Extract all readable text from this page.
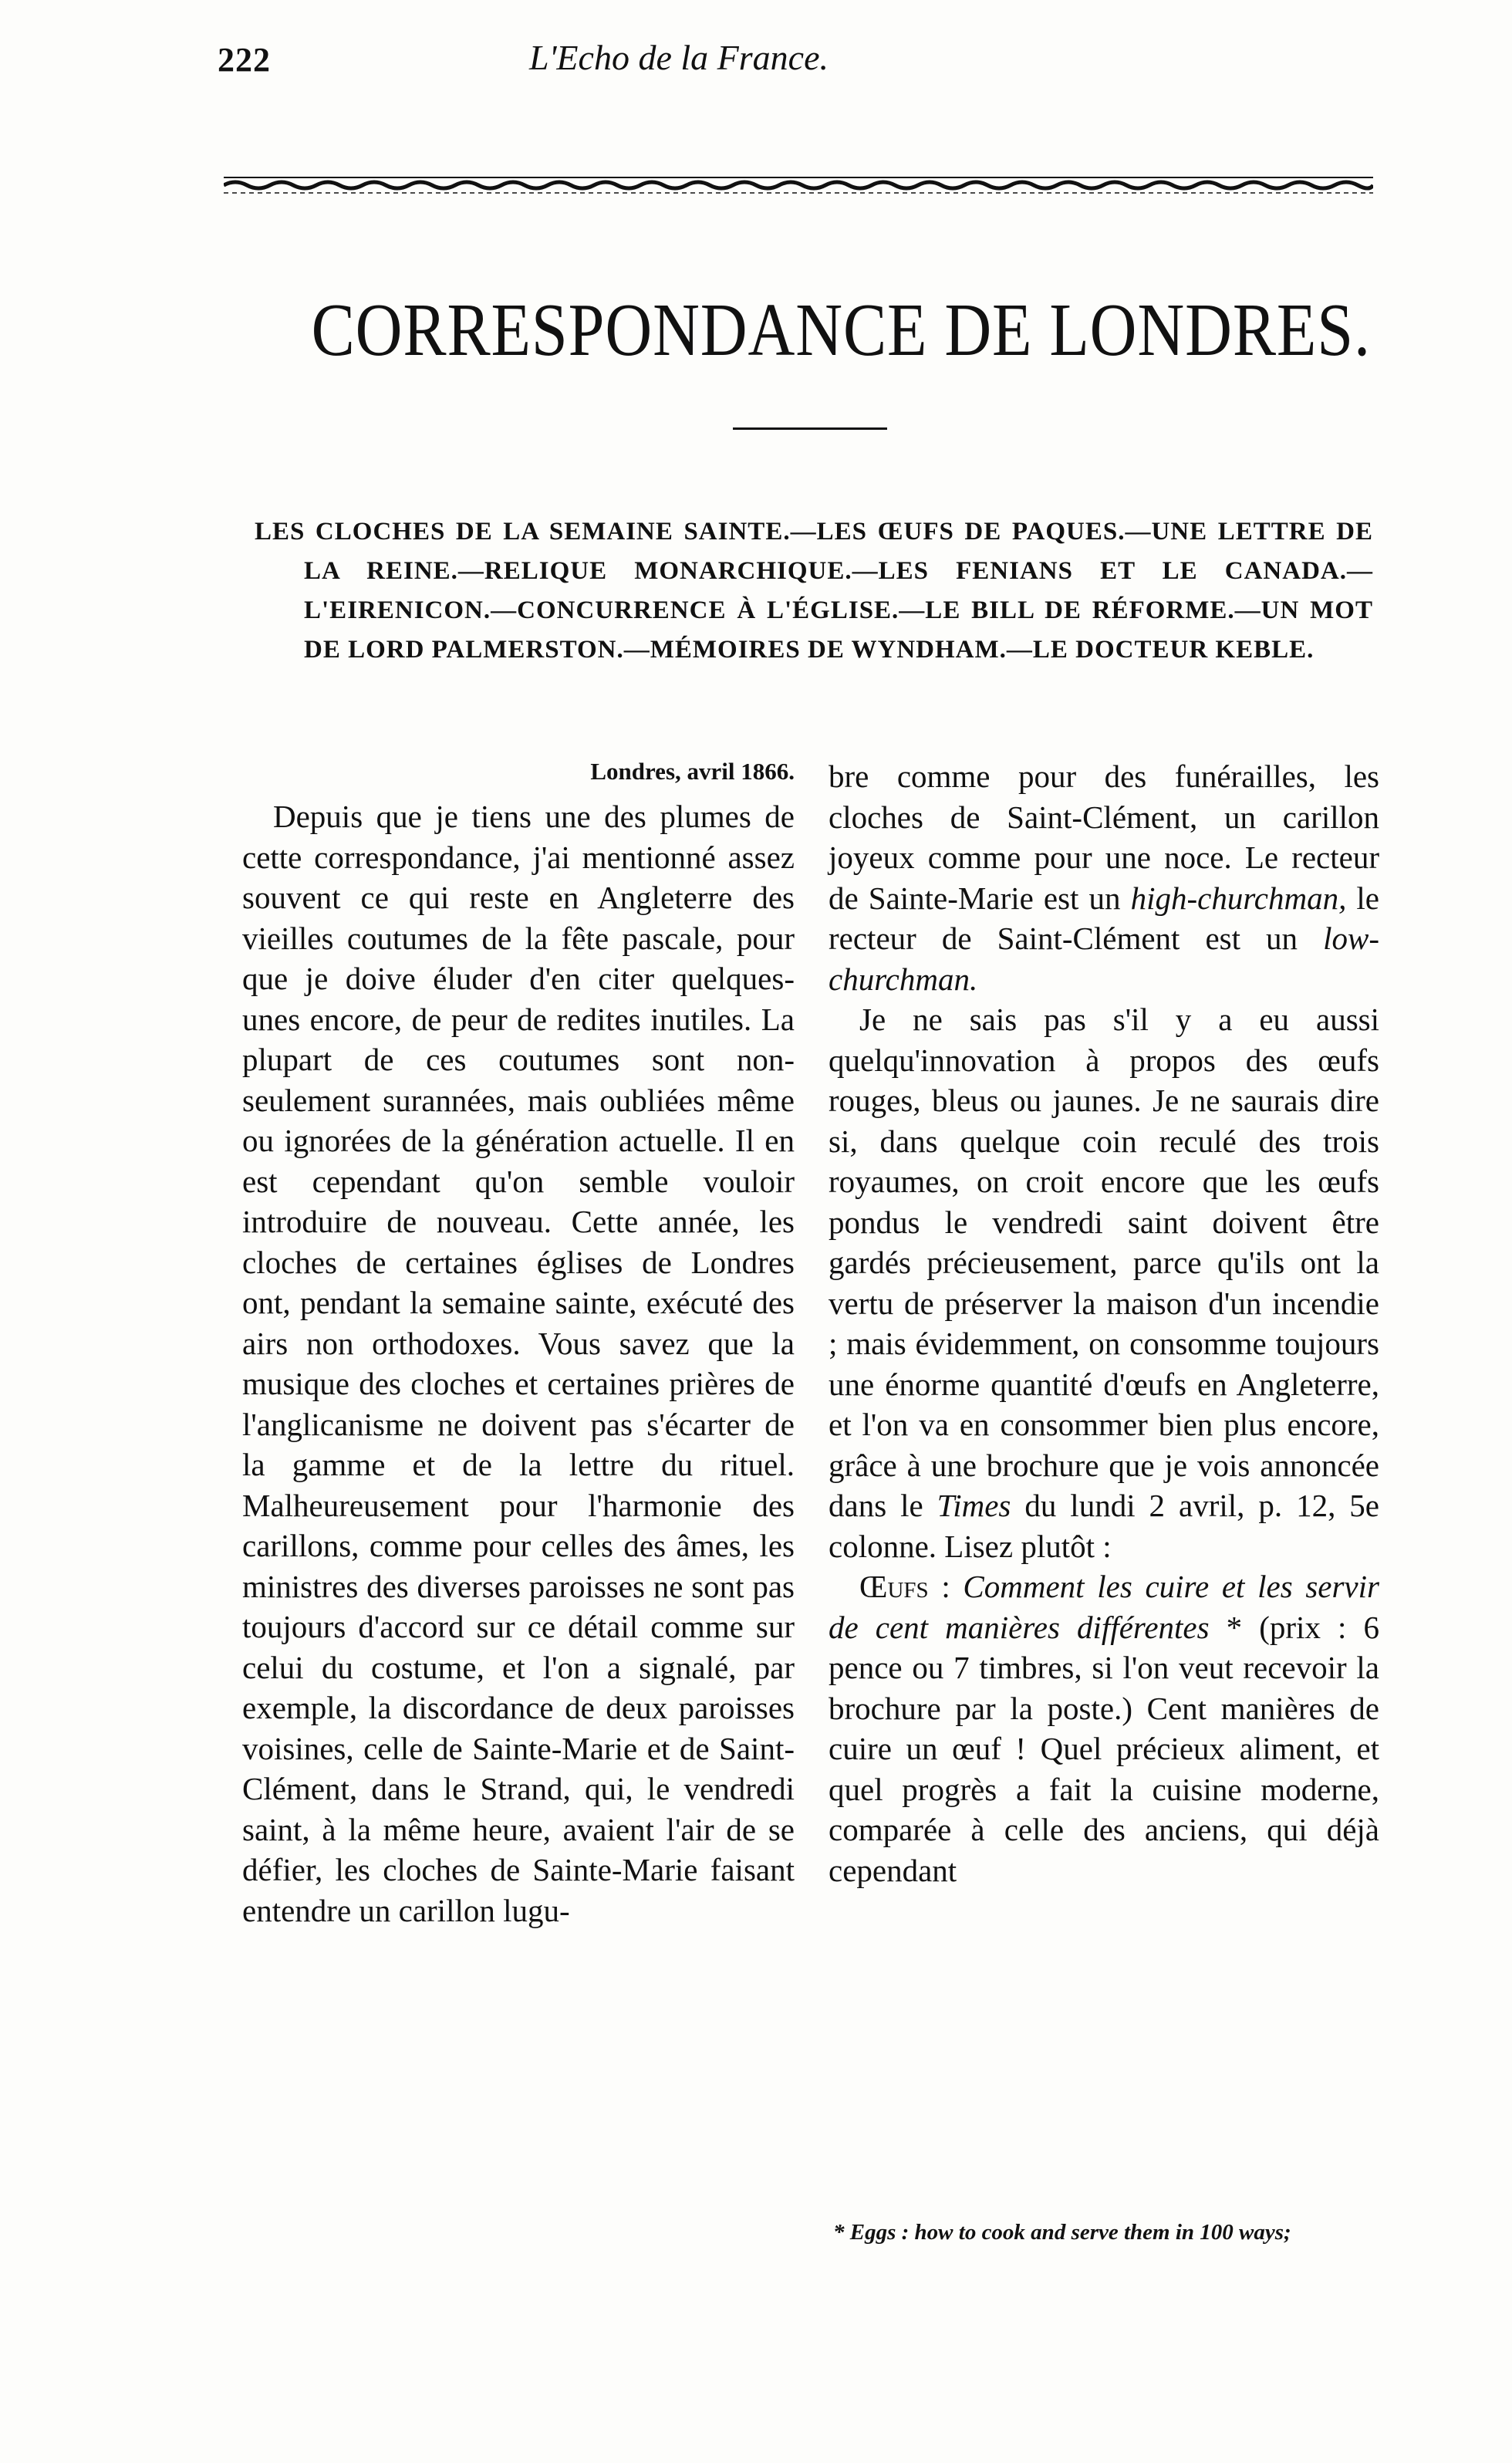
222	L'Echo de la France.
CORRESPONDANCE DE LONDRES.
LES CLOCHES DE LA SEMAINE SAINTE.—LES ŒUFS DE PAQUES.—UNE LETTRE DE LA REINE.—RELIQUE MONARCHIQUE.—LES FENIANS ET LE CANADA.—L'EIRENICON.—CONCURRENCE À L'ÉGLISE.—LE BILL DE RÉFORME.—UN MOT DE LORD PALMERSTON.—MÉMOIRES DE WYNDHAM.—LE DOCTEUR KEBLE.
Londres, avril 1866.

Depuis que je tiens une des plumes de cette correspondance, j'ai mentionné assez souvent ce qui reste en Angleterre des vieilles coutumes de la fête pascale, pour que je doive éluder d'en citer quelques-unes encore, de peur de redites inutiles. La plupart de ces coutumes sont non-seulement surannées, mais oubliées même ou ignorées de la génération actuelle. Il en est cependant qu'on semble vouloir introduire de nouveau. Cette année, les cloches de certaines églises de Londres ont, pendant la semaine sainte, exécuté des airs non orthodoxes. Vous savez que la musique des cloches et certaines prières de l'anglicanisme ne doivent pas s'écarter de la gamme et de la lettre du rituel. Malheureusement pour l'harmonie des carillons, comme pour celles des âmes, les ministres des diverses paroisses ne sont pas toujours d'accord sur ce détail comme sur celui du costume, et l'on a signalé, par exemple, la discordance de deux paroisses voisines, celle de Sainte-Marie et de Saint-Clément, dans le Strand, qui, le vendredi saint, à la même heure, avaient l'air de se défier, les cloches de Sainte-Marie faisant entendre un carillon lugu-

bre comme pour des funérailles, les cloches de Saint-Clément, un carillon joyeux comme pour une noce. Le recteur de Sainte-Marie est un high-churchman, le recteur de Saint-Clément est un low-churchman.

Je ne sais pas s'il y a eu aussi quelqu'innovation à propos des œufs rouges, bleus ou jaunes. Je ne saurais dire si, dans quelque coin reculé des trois royaumes, on croit encore que les œufs pondus le vendredi saint doivent être gardés précieusement, parce qu'ils ont la vertu de préserver la maison d'un incendie ; mais évidemment, on consomme toujours une énorme quantité d'œufs en Angleterre, et l'on va en consommer bien plus encore, grâce à une brochure que je vois annoncée dans le Times du lundi 2 avril, p. 12, 5e colonne. Lisez plutôt :

Œufs : Comment les cuire et les servir de cent manières différentes * (prix : 6 pence ou 7 timbres, si l'on veut recevoir la brochure par la poste.) Cent manières de cuire un œuf ! Quel précieux aliment, et quel progrès a fait la cuisine moderne, comparée à celle des anciens, qui déjà cependant

* Eggs : how to cook and serve them in 100 ways;
